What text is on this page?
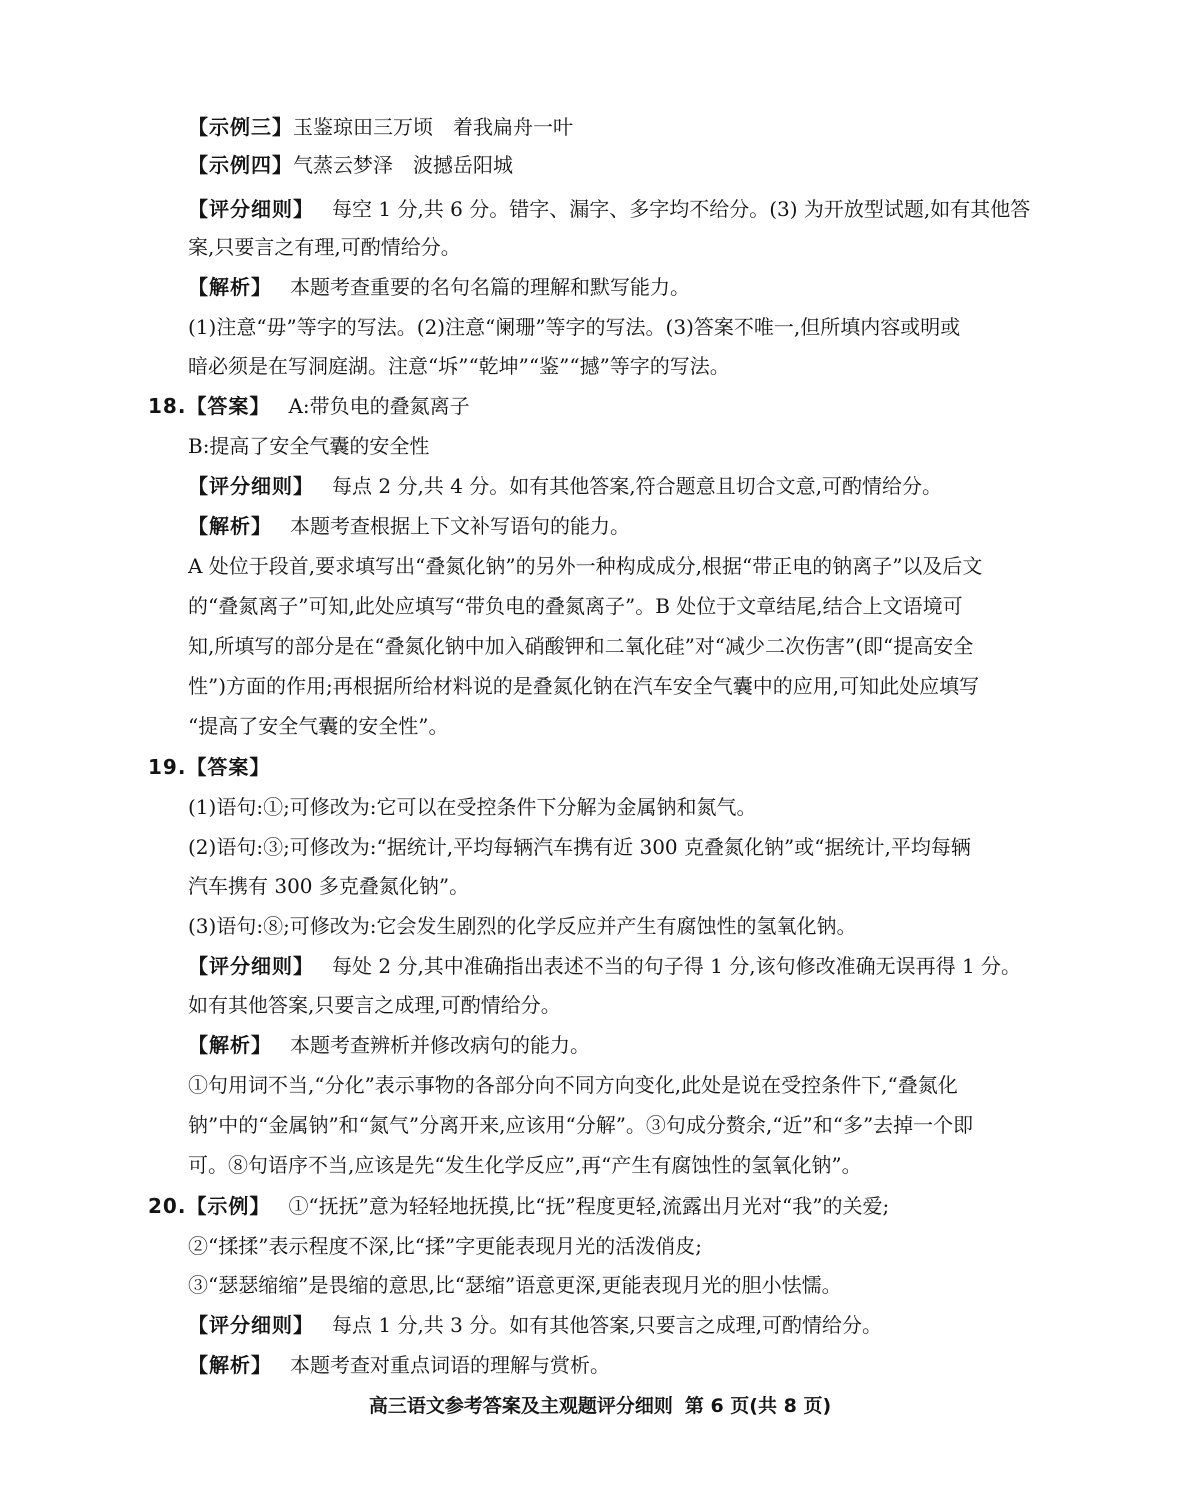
【示例三】玉鉴琼田三万顷　着我扁舟一叶
【示例四】气蒸云梦泽　波撼岳阳城
【评分细则】 每空 1 分,共 6 分。错字、漏字、多字均不给分。(3) 为开放型试题,如有其他答
案,只要言之有理,可酌情给分。
【解析】 本题考查重要的名句名篇的理解和默写能力。
(1)注意“毋”等字的写法。(2)注意“阑珊”等字的写法。(3)答案不唯一,但所填内容或明或
暗必须是在写洞庭湖。注意“坼”“乾坤”“鉴”“撼”等字的写法。
18.【答案】 A:带负电的叠氮离子
B:提高了安全气囊的安全性
【评分细则】 每点 2 分,共 4 分。如有其他答案,符合题意且切合文意,可酌情给分。
【解析】 本题考查根据上下文补写语句的能力。
A 处位于段首,要求填写出“叠氮化钠”的另外一种构成成分,根据“带正电的钠离子”以及后文
的“叠氮离子”可知,此处应填写“带负电的叠氮离子”。B 处位于文章结尾,结合上文语境可
知,所填写的部分是在“叠氮化钠中加入硝酸钾和二氧化硅”对“减少二次伤害”(即“提高安全
性”)方面的作用;再根据所给材料说的是叠氮化钠在汽车安全气囊中的应用,可知此处应填写
“提高了安全气囊的安全性”。
19.【答案】
(1)语句:①;可修改为:它可以在受控条件下分解为金属钠和氮气。
(2)语句:③;可修改为:“据统计,平均每辆汽车携有近 300 克叠氮化钠”或“据统计,平均每辆
汽车携有 300 多克叠氮化钠”。
(3)语句:⑧;可修改为:它会发生剧烈的化学反应并产生有腐蚀性的氢氧化钠。
【评分细则】 每处 2 分,其中准确指出表述不当的句子得 1 分,该句修改准确无误再得 1 分。
如有其他答案,只要言之成理,可酌情给分。
【解析】 本题考查辨析并修改病句的能力。
①句用词不当,“分化”表示事物的各部分向不同方向变化,此处是说在受控条件下,“叠氮化
钠”中的“金属钠”和“氮气”分离开来,应该用“分解”。③句成分赘余,“近”和“多”去掉一个即
可。⑧句语序不当,应该是先“发生化学反应”,再“产生有腐蚀性的氢氧化钠”。
20.【示例】 ①“抚抚”意为轻轻地抚摸,比“抚”程度更轻,流露出月光对“我”的关爱;
②“揉揉”表示程度不深,比“揉”字更能表现月光的活泼俏皮;
③“瑟瑟缩缩”是畏缩的意思,比“瑟缩”语意更深,更能表现月光的胆小怯懦。
【评分细则】 每点 1 分,共 3 分。如有其他答案,只要言之成理,可酌情给分。
【解析】 本题考查对重点词语的理解与赏析。
高三语文参考答案及主观题评分细则 第 6 页(共 8 页)
